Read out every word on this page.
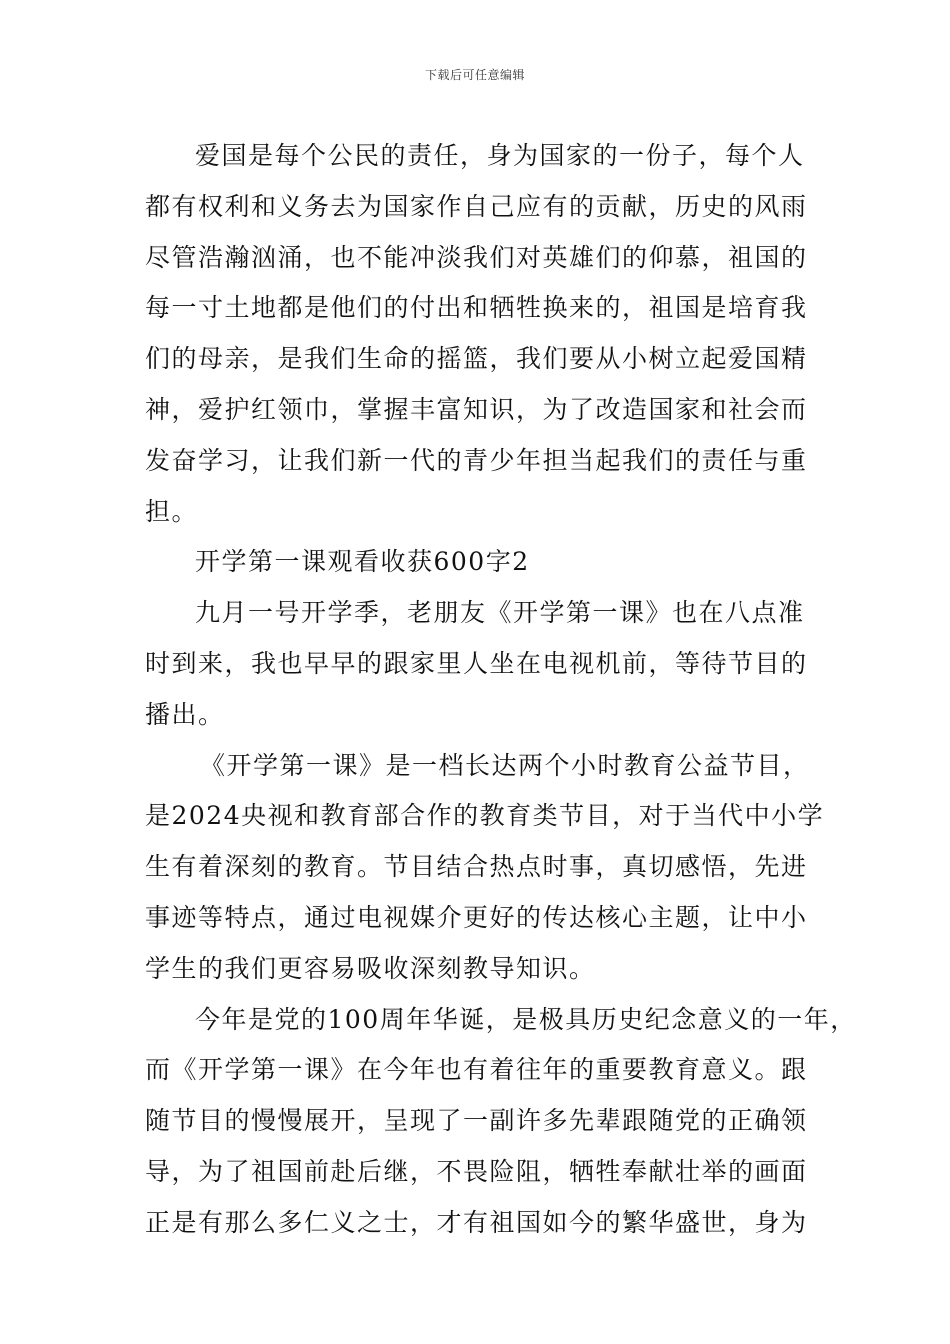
下载后可任意编辑
爱国是每个公民的责任，身为国家的一份子，每个人
都有权利和义务去为国家作自己应有的贡献，历史的风雨
尽管浩瀚汹涌，也不能冲淡我们对英雄们的仰慕，祖国的
每一寸土地都是他们的付出和牺牲换来的，祖国是培育我
们的母亲，是我们生命的摇篮，我们要从小树立起爱国精
神，爱护红领巾，掌握丰富知识，为了改造国家和社会而
发奋学习，让我们新一代的青少年担当起我们的责任与重
担。
开学第一课观看收获600字2
九月一号开学季，老朋友《开学第一课》也在八点准
时到来，我也早早的跟家里人坐在电视机前，等待节目的
播出。
《开学第一课》是一档长达两个小时教育公益节目，
是2024央视和教育部合作的教育类节目，对于当代中小学
生有着深刻的教育。节目结合热点时事，真切感悟，先进
事迹等特点，通过电视媒介更好的传达核心主题，让中小
学生的我们更容易吸收深刻教导知识。
今年是党的100周年华诞，是极具历史纪念意义的一年，
而《开学第一课》在今年也有着往年的重要教育意义。跟
随节目的慢慢展开，呈现了一副许多先辈跟随党的正确领
导，为了祖国前赴后继，不畏险阻，牺牲奉献壮举的画面
正是有那么多仁义之士，才有祖国如今的繁华盛世，身为
